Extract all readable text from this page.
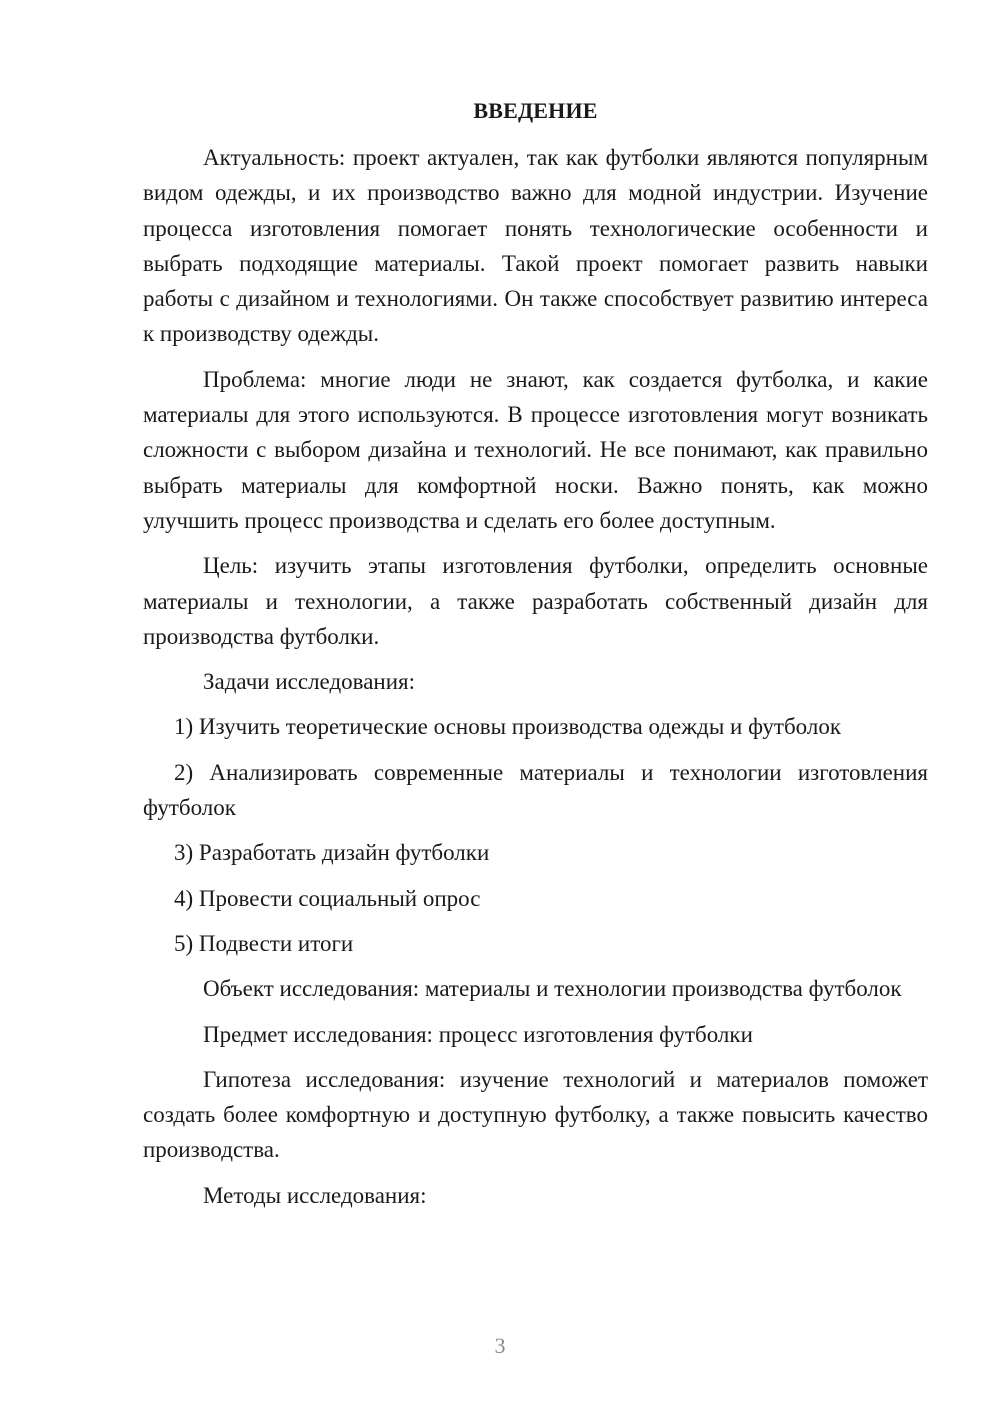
ВВЕДЕНИЕ

Актуальность: проект актуален, так как футболки являются популярным видом одежды, и их производство важно для модной индустрии. Изучение процесса изготовления помогает понять технологические особенности и выбрать подходящие материалы. Такой проект помогает развить навыки работы с дизайном и технологиями. Он также способствует развитию интереса к производству одежды.

Проблема: многие люди не знают, как создается футболка, и какие материалы для этого используются. В процессе изготовления могут возникать сложности с выбором дизайна и технологий. Не все понимают, как правильно выбрать материалы для комфортной носки. Важно понять, как можно улучшить процесс производства и сделать его более доступным.

Цель: изучить этапы изготовления футболки, определить основные материалы и технологии, а также разработать собственный дизайн для производства футболки.

Задачи исследования:

1) Изучить теоретические основы производства одежды и футболок

2) Анализировать современные материалы и технологии изготовления футболок

3) Разработать дизайн футболки

4) Провести социальный опрос

5) Подвести итоги

Объект исследования: материалы и технологии производства футболок

Предмет исследования: процесс изготовления футболки

Гипотеза исследования: изучение технологий и материалов поможет создать более комфортную и доступную футболку, а также повысить качество производства.

Методы исследования:

3
